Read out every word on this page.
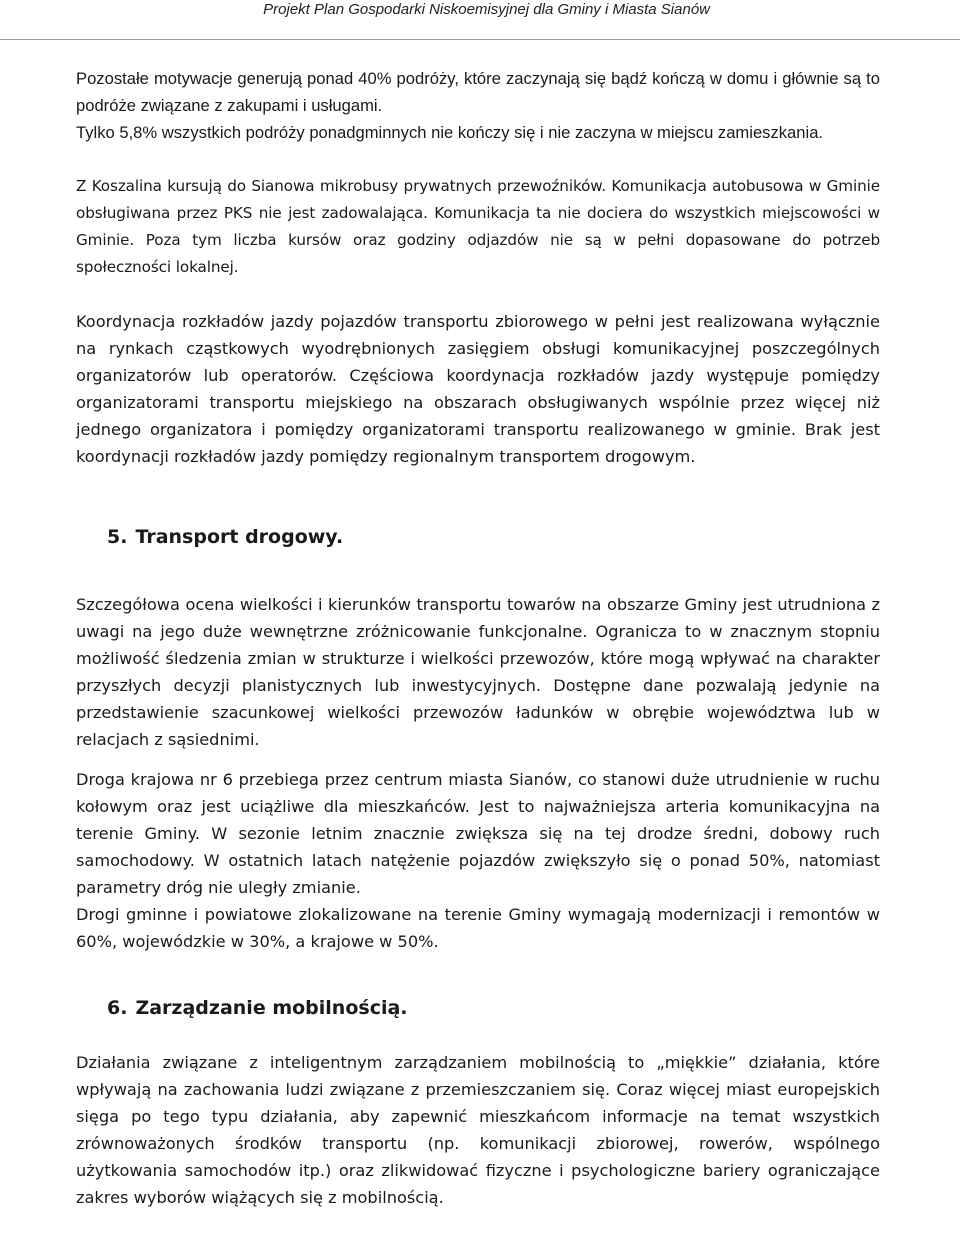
Projekt Plan Gospodarki Niskoemisyjnej dla Gminy i Miasta Sianów

Pozostałe motywacje generują ponad 40% podróży, które zaczynają się bądź kończą w domu i głównie są to podróże związane z zakupami i usługami.

Tylko 5,8% wszystkich podróży ponadgminnych nie kończy się i nie zaczyna w miejscu zamieszkania.

Z Koszalina kursują do Sianowa mikrobusy prywatnych przewoźników. Komunikacja autobusowa w Gminie obsługiwana przez PKS nie jest zadowalająca. Komunikacja ta nie dociera do wszystkich miejscowości w Gminie. Poza tym liczba kursów oraz godziny odjazdów nie są w pełni dopasowane do potrzeb społeczności lokalnej.

Koordynacja rozkładów jazdy pojazdów transportu zbiorowego w pełni jest realizowana wyłącznie na rynkach cząstkowych wyodrębnionych zasięgiem obsługi komunikacyjnej poszczególnych organizatorów lub operatorów. Częściowa koordynacja rozkładów jazdy występuje pomiędzy organizatorami transportu miejskiego na obszarach obsługiwanych wspólnie przez więcej niż jednego organizatora i pomiędzy organizatorami transportu realizowanego w gminie. Brak jest koordynacji rozkładów jazdy pomiędzy regionalnym transportem drogowym.

5. Transport drogowy.

Szczegółowa ocena wielkości i kierunków transportu towarów na obszarze Gminy jest utrudniona z uwagi na jego duże wewnętrzne zróżnicowanie funkcjonalne. Ogranicza to w znacznym stopniu możliwość śledzenia zmian w strukturze i wielkości przewozów, które mogą wpływać na charakter przyszłych decyzji planistycznych lub inwestycyjnych. Dostępne dane pozwalają jedynie na przedstawienie szacunkowej wielkości przewozów ładunków w obrębie województwa lub w relacjach z sąsiednimi.

Droga krajowa nr 6 przebiega przez centrum miasta Sianów, co stanowi duże utrudnienie w ruchu kołowym oraz jest uciążliwe dla mieszkańców. Jest to najważniejsza arteria komunikacyjna na terenie Gminy. W sezonie letnim znacznie zwiększa się na tej drodze średni, dobowy ruch samochodowy. W ostatnich latach natężenie pojazdów zwiększyło się o ponad 50%, natomiast parametry dróg nie uległy zmianie.

Drogi gminne i powiatowe zlokalizowane na terenie Gminy wymagają modernizacji i remontów w 60%, wojewódzkie w 30%, a krajowe w 50%.

6. Zarządzanie mobilnością.

Działania związane z inteligentnym zarządzaniem mobilnością to „miękkie” działania, które wpływają na zachowania ludzi związane z przemieszczaniem się. Coraz więcej miast europejskich sięga po tego typu działania, aby zapewnić mieszkańcom informacje na temat wszystkich zrównoważonych środków transportu (np. komunikacji zbiorowej, rowerów, wspólnego użytkowania samochodów itp.) oraz zlikwidować fizyczne i psychologiczne bariery ograniczające zakres wyborów wiążących się z mobilnością.
